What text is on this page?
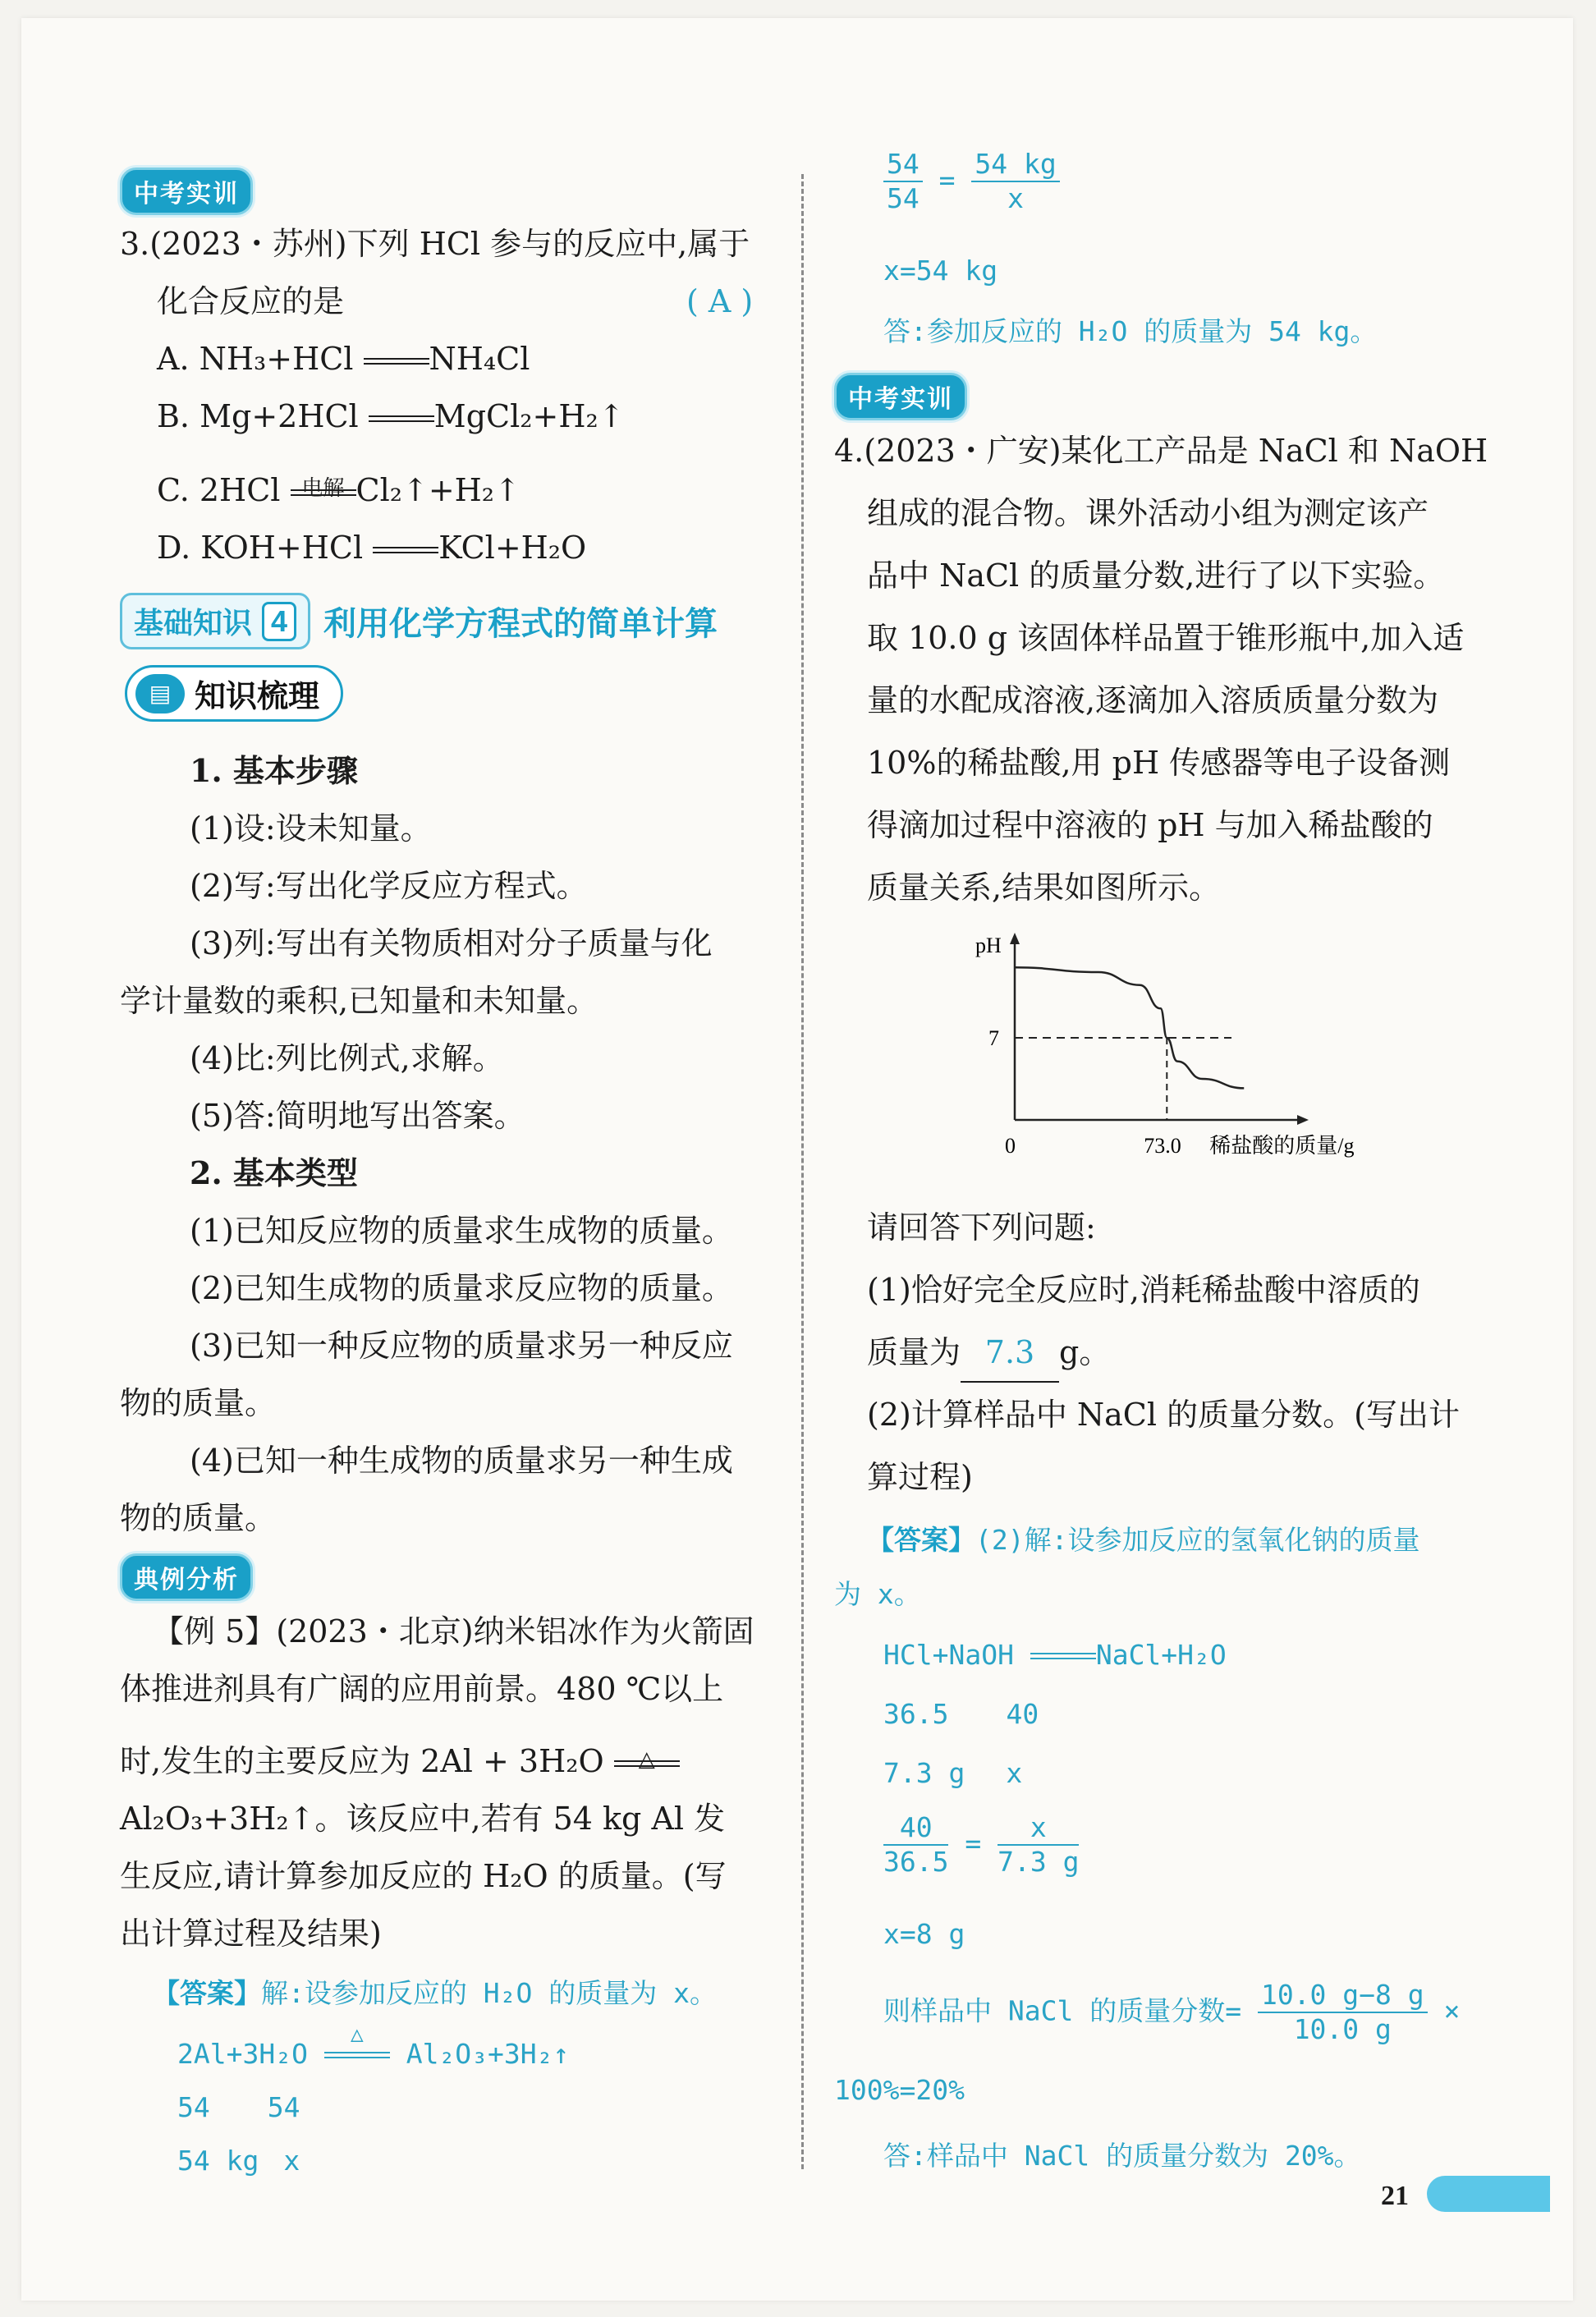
中考实训
3.(2023・苏州)下列 HCl 参与的反应中,属于
化合反应的是	( A )
A. NH₃+HCl NH₄Cl
B. Mg+2HCl MgCl₂+H₂↑
C. 2HCl	电解 Cl₂↑+H₂↑
D. KOH+HCl KCl+H₂O
基础知识 4 利用化学方程式的简单计算
▤ 知识梳理
1. 基本步骤
(1)设:设未知量。
(2)写:写出化学反应方程式。
(3)列:写出有关物质相对分子质量与化
学计量数的乘积,已知量和未知量。
(4)比:列比例式,求解。
(5)答:简明地写出答案。
2. 基本类型
(1)已知反应物的质量求生成物的质量。
(2)已知生成物的质量求反应物的质量。
(3)已知一种反应物的质量求另一种反应
物的质量。
(4)已知一种生成物的质量求另一种生成
物的质量。
典例分析
【例 5】(2023・北京)纳米铝冰作为火箭固
体推进剂具有广阔的应用前景。480 ℃以上
时,发生的主要反应为 2Al + 3H₂O	△
Al₂O₃+3H₂↑。该反应中,若有 54 kg Al 发
生反应,请计算参加反应的 H₂O 的质量。(写
出计算过程及结果)
【答案】解:设参加反应的 H₂O 的质量为 x。
2Al+3H₂O
△
Al₂O₃+3H₂↑
54 54
54 kg x
$\frac{54}{54} = \frac{54 kg}{x}$
x=54 kg
答:参加反应的 H₂O 的质量为 54 kg。
中考实训
4.(2023・广安)某化工产品是 NaCl 和 NaOH
组成的混合物。课外活动小组为测定该产
品中 NaCl 的质量分数,进行了以下实验。
取 10.0 g 该固体样品置于锥形瓶中,加入适
量的水配成溶液,逐滴加入溶质质量分数为
10%的稀盐酸,用 pH 传感器等电子设备测
得滴加过程中溶液的 pH 与加入稀盐酸的
质量关系,结果如图所示。
pH
稀盐酸的质量/g
0	73.0
7
请回答下列问题:
(1)恰好完全反应时,消耗稀盐酸中溶质的
质量为 7.3 g。
(2)计算样品中 NaCl 的质量分数。(写出计
算过程)
【答案】(2)解:设参加反应的氢氧化钠的质量
为 x。
HCl+NaOH	NaCl+H₂O
36.5 40
7.3 g x
$\frac{40}{36.5} = \frac{x}{7.3 g}$
x=8 g
则样品中 NaCl 的质量分数= $\frac{10.0 g-8 g}{10.0 g}$ ×
100%=20%
答:样品中 NaCl 的质量分数为 20%。
21
